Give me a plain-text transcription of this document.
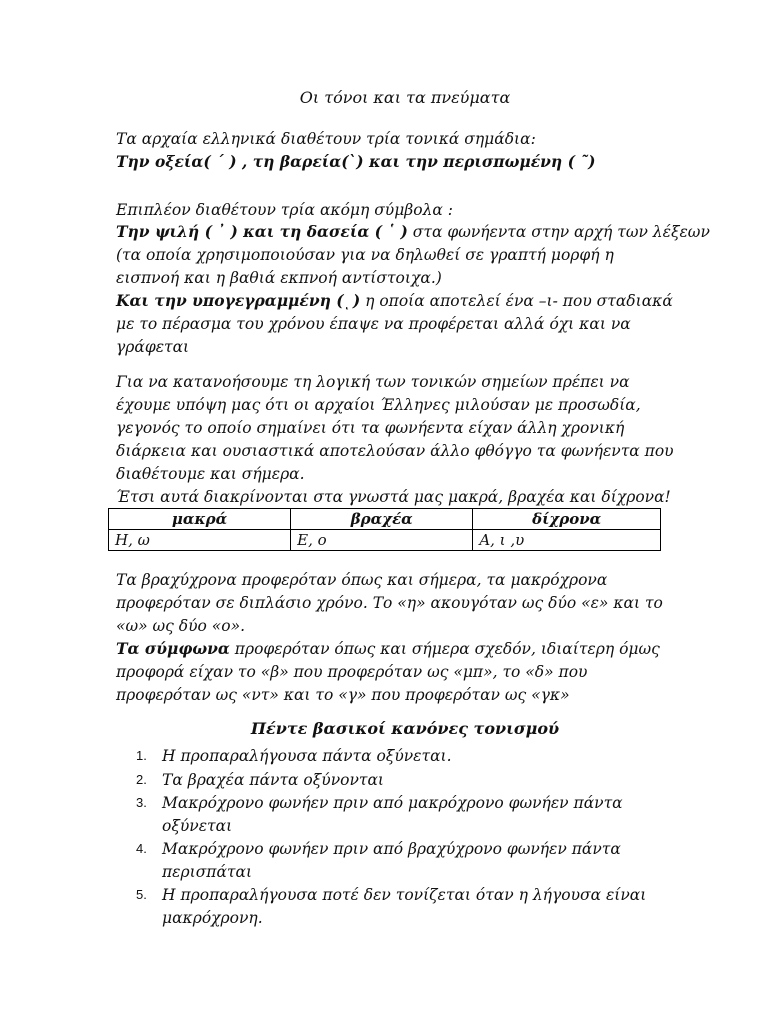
Οι τόνοι και τα πνεύματα
Τα αρχαία ελληνικά διαθέτουν τρία τονικά σημάδια:
Την οξεία( ΄ ) , τη βαρεία(`) και την περισπωμένη ( ῀)
Επιπλέον διαθέτουν τρία ακόμη σύμβολα :
Την ψιλή ( ᾿ ) και τη δασεία ( ῾ ) στα φωνήεντα στην αρχή των λέξεων
(τα οποία χρησιμοποιούσαν για να δηλωθεί σε γραπτή μορφή η
εισπνοή και η βαθιά εκπνοή αντίστοιχα.)
Και την υπογεγραμμένη ( ͅ ) η οποία αποτελεί ένα –ι- που σταδιακά
με το πέρασμα του χρόνου έπαψε να προφέρεται αλλά όχι και να
γράφεται
Για να κατανοήσουμε τη λογική των τονικών σημείων πρέπει να
έχουμε υπόψη μας ότι οι αρχαίοι Έλληνες μιλούσαν με προσωδία,
γεγονός το οποίο σημαίνει ότι τα φωνήεντα είχαν άλλη χρονική
διάρκεια και ουσιαστικά αποτελούσαν άλλο φθόγγο τα φωνήεντα που
διαθέτουμε και σήμερα.
Έτσι αυτά διακρίνονται στα γνωστά μας μακρά, βραχέα και δίχρονα!
μακρά	βραχέα	δίχρονα
Η, ω	Ε, ο	Α, ι ,υ
Τα βραχύχρονα προφερόταν όπως και σήμερα, τα μακρόχρονα
προφερόταν σε διπλάσιο χρόνο. Το «η» ακουγόταν ως δύο «ε» και το
«ω» ως δύο «ο».
Τα σύμφωνα προφερόταν όπως και σήμερα σχεδόν, ιδιαίτερη όμως
προφορά είχαν το «β» που προφερόταν ως «μπ», το «δ» που
προφερόταν ως «ντ» και το «γ» που προφερόταν ως «γκ»
Πέντε βασικοί κανόνες τονισμού
1. Η προπαραλήγουσα πάντα οξύνεται.
2. Τα βραχέα πάντα οξύνονται
3. Μακρόχρονο φωνήεν πριν από μακρόχρονο φωνήεν πάντα
οξύνεται
4. Μακρόχρονο φωνήεν πριν από βραχύχρονο φωνήεν πάντα
περισπάται
5. Η προπαραλήγουσα ποτέ δεν τονίζεται όταν η λήγουσα είναι
μακρόχρονη.
